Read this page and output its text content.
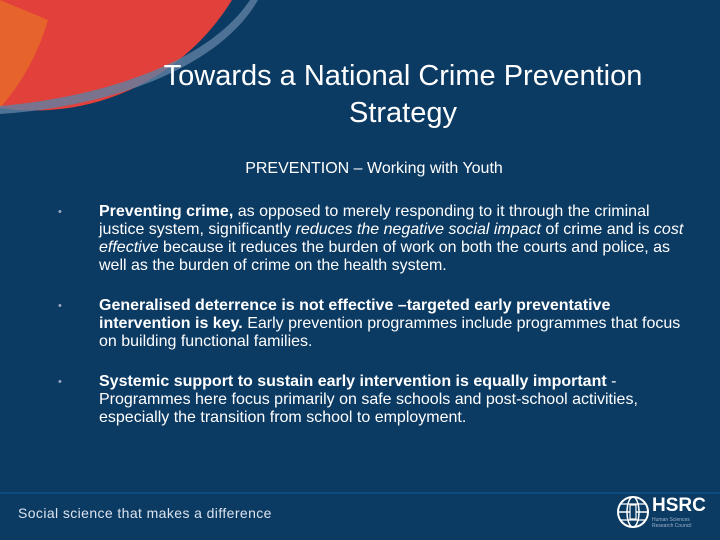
Towards a National Crime Prevention
Strategy
PREVENTION – Working with Youth
• Preventing crime, as opposed to merely responding to it through the criminal justice system, significantly reduces the negative social impact of crime and is cost effective because it reduces the burden of work on both the courts and police, as well as the burden of crime on the health system.
• Generalised deterrence is not effective –targeted early preventative intervention is key. Early prevention programmes include programmes that focus on building functional families.
• Systemic support to sustain early intervention is equally important - Programmes here focus primarily on safe schools and post-school activities, especially the transition from school to employment.
Social science that makes a difference	HSRC
Human Sciences Research Council
